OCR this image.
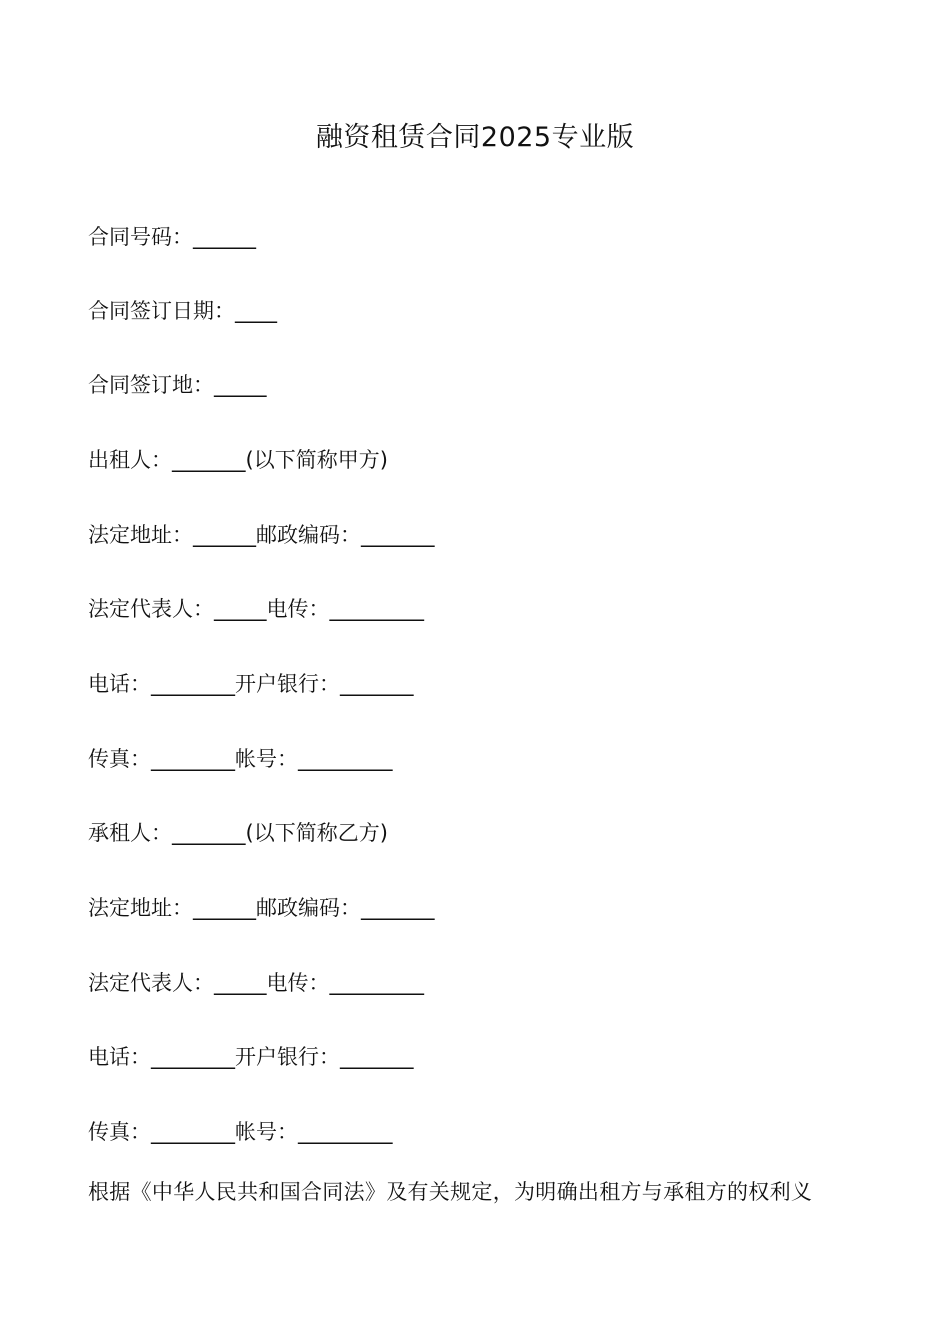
融资租赁合同2025专业版
合同号码：______
合同签订日期：____
合同签订地：_____
出租人：_______(以下简称甲方)
法定地址：______邮政编码：_______
法定代表人：_____电传：_________
电话：________开户银行：_______
传真：________帐号：_________
承租人：_______(以下简称乙方)
法定地址：______邮政编码：_______
法定代表人：_____电传：_________
电话：________开户银行：_______
传真：________帐号：_________
根据《中华人民共和国合同法》及有关规定，为明确出租方与承租方的权利义
